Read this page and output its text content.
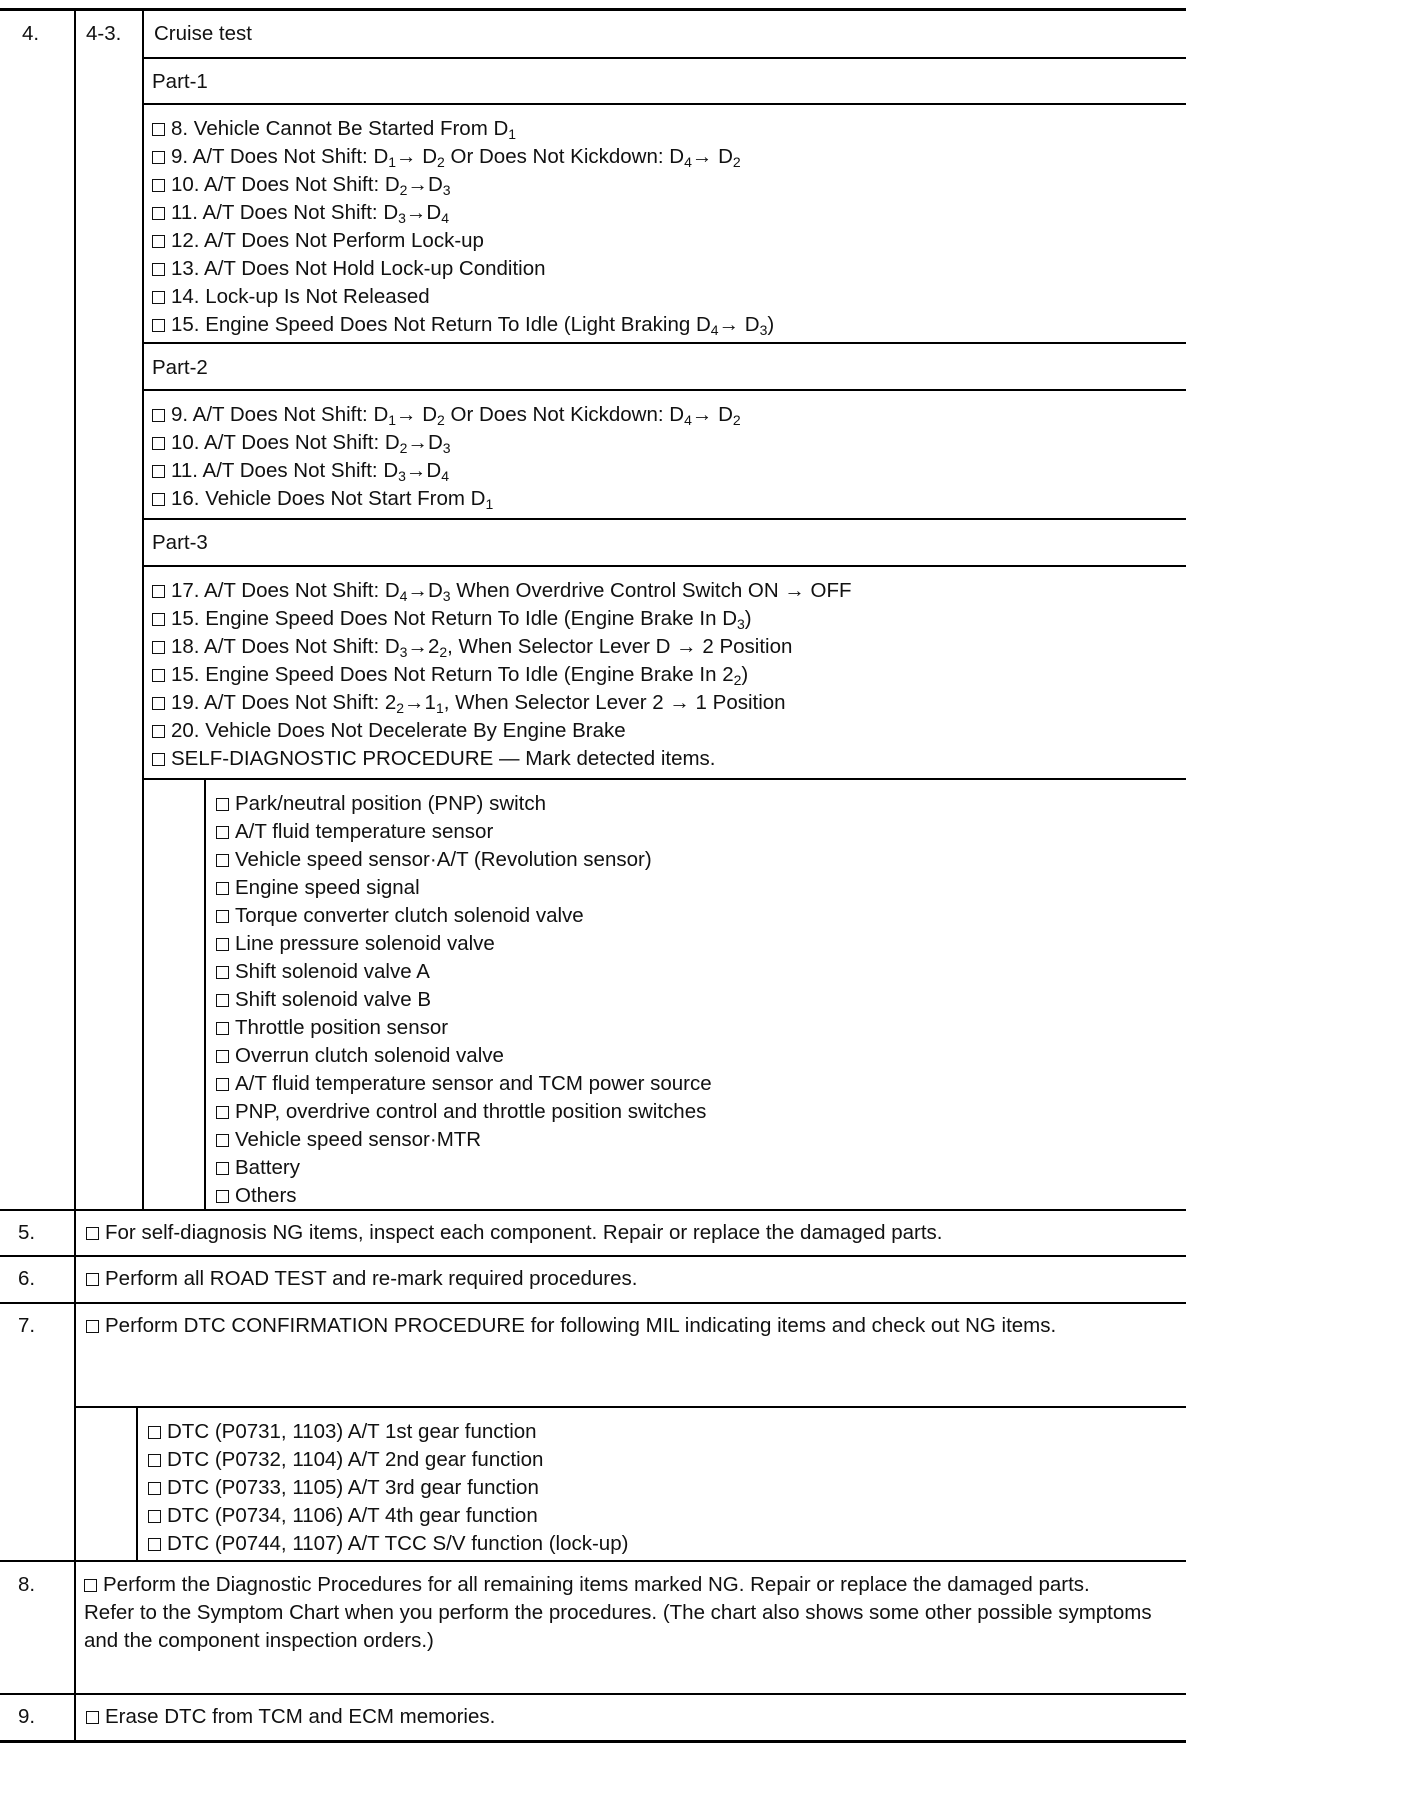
4. 4-3. Cruise test
Part-1
8. Vehicle Cannot Be Started From $D_1$
9. A/T Does Not Shift: $D_1\to D_2$ Or Does Not Kickdown: $D_4\to D_2$
10. A/T Does Not Shift: $D_2\to D_3$
11. A/T Does Not Shift: $D_3\to D_4$
12. A/T Does Not Perform Lock-up
13. A/T Does Not Hold Lock-up Condition
14. Lock-up Is Not Released
15. Engine Speed Does Not Return To Idle (Light Braking $D_4\to D_3$)
Part-2
9. A/T Does Not Shift: $D_1\to D_2$ Or Does Not Kickdown: $D_4\to D_2$
10. A/T Does Not Shift: $D_2\to D_3$
11. A/T Does Not Shift: $D_3\to D_4$
16. Vehicle Does Not Start From $D_1$
Part-3
17. A/T Does Not Shift: $D_4\to D_3$ When Overdrive Control Switch ON → OFF
15. Engine Speed Does Not Return To Idle (Engine Brake In $D_3$)
18. A/T Does Not Shift: $D_3\to 2_2$, When Selector Lever D → 2 Position
15. Engine Speed Does Not Return To Idle (Engine Brake In $2_2$)
19. A/T Does Not Shift: $2_2\to 1_1$, When Selector Lever 2 → 1 Position
20. Vehicle Does Not Decelerate By Engine Brake
SELF-DIAGNOSTIC PROCEDURE — Mark detected items.
Park/neutral position (PNP) switch
A/T fluid temperature sensor
Vehicle speed sensor·A/T (Revolution sensor)
Engine speed signal
Torque converter clutch solenoid valve
Line pressure solenoid valve
Shift solenoid valve A
Shift solenoid valve B
Throttle position sensor
Overrun clutch solenoid valve
A/T fluid temperature sensor and TCM power source
PNP, overdrive control and throttle position switches
Vehicle speed sensor·MTR
Battery
Others
5.	For self-diagnosis NG items, inspect each component. Repair or replace the damaged parts.
6.	Perform all ROAD TEST and re-mark required procedures.
7.	Perform DTC CONFIRMATION PROCEDURE for following MIL indicating items and check out NG items.
DTC (P0731, 1103) A/T 1st gear function
DTC (P0732, 1104) A/T 2nd gear function
DTC (P0733, 1105) A/T 3rd gear function
DTC (P0734, 1106) A/T 4th gear function
DTC (P0744, 1107) A/T TCC S/V function (lock-up)
8.	Perform the Diagnostic Procedures for all remaining items marked NG. Repair or replace the damaged parts.
Refer to the Symptom Chart when you perform the procedures. (The chart also shows some other possible symptoms and the component inspection orders.)
9.	Erase DTC from TCM and ECM memories.
